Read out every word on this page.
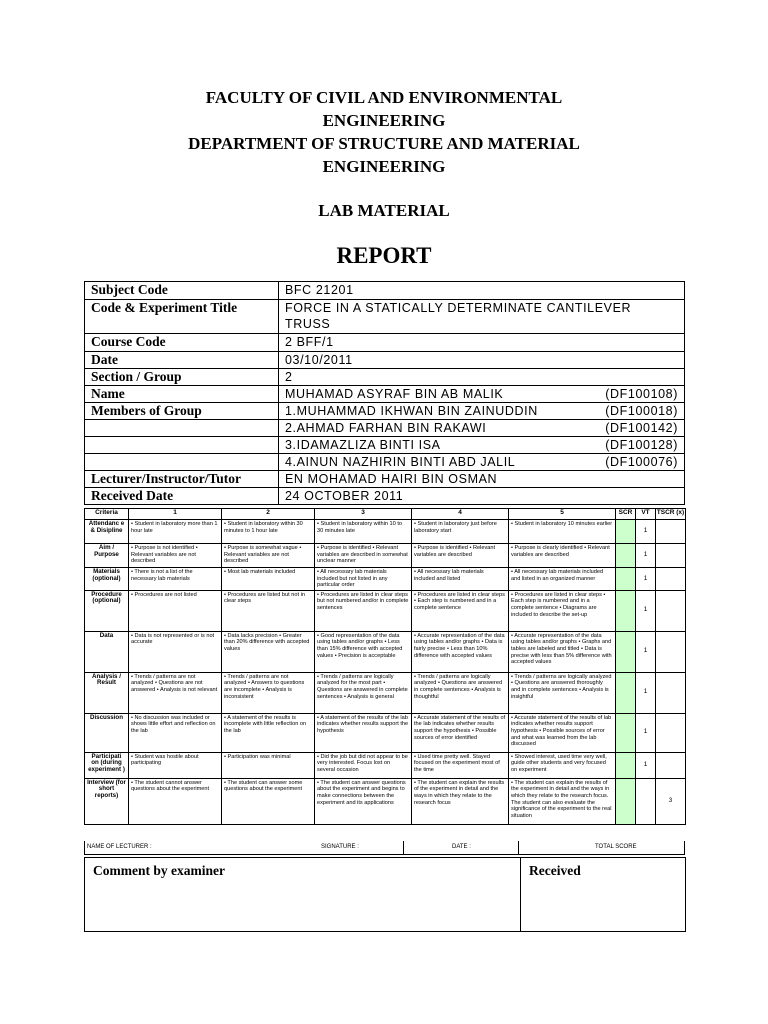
FACULTY OF CIVIL AND ENVIRONMENTAL

ENGINEERING

DEPARTMENT OF STRUCTURE AND MATERIAL

ENGINEERING

LAB MATERIAL

REPORT

Subject Code	BFC 21201
Code & Experiment Title	FORCE IN A STATICALLY DETERMINATE CANTILEVER
TRUSS

Course Code	2 BFF/1
Date	03/10/2011
Section / Group	2
Name	MUHAMAD ASYRAF BIN AB MALIK (DF100108)

Members of Group	1.MUHAMMAD IKHWAN BIN ZAINUDDIN (DF100018)

	2.AHMAD FARHAN BIN RAKAWI (DF100142)

	3.IDAMAZLIZA BINTI ISA (DF100128)

	4.AINUN NAZHIRIN BINTI ABD JALIL (DF100076)

Lecturer/Instructor/Tutor	EN MOHAMAD HAIRI BIN OSMAN
Received Date	24 OCTOBER 2011
Criteria	1	2	3	4	5	SCR	VT	TSCR (x)
Attendanc e & Disipline	• Student in laboratory more than 1 hour late	• Student in laboratory within 30 minutes to 1 hour late	• Student in laboratory within 10 to 30 minutes late	• Student in laboratory just before laboratory start	• Student in laboratory 10 minutes earlier		1	
Aim / Purpose	• Purpose is not identified • Relevant variables are not described	• Purpose is somewhat vague • Relevant variables are not described	• Purpose is identified • Relevant variables are described in somewhat unclear manner	• Purpose is identified • Relevant variables are described	• Purpose is clearly identified • Relevant variables are described		1	
Materials (optional)	• There is not a list of the necessary lab materials	• Most lab materials included	• All necessary lab materials included but not listed in any particular order	• All necessary lab materials included and listed	• All necessary lab materials included and listed in an organized manner		1	
Procedure (optional)	• Procedures are not listed	• Procedures are listed but not in clear steps	• Procedures are listed in clear steps but not numbered and/or in complete sentences	• Procedures are listed in clear steps • Each step is numbered and in a complete sentence	• Procedures are listed in clear steps • Each step is numbered and in a complete sentence • Diagrams are included to describe the set-up		1	
Data	• Data is not represented or is not accurate	• Data lacks precision • Greater than 20% difference with accepted values	• Good representation of the data using tables and/or graphs • Less than 15% difference with accepted values • Precision is acceptable	• Accurate representation of the data using tables and/or graphs • Data is fairly precise • Less than 10% difference with accepted values	• Accurate representation of the data using tables and/or graphs • Graphs and tables are labeled and titled • Data is precise with less than 5% difference with accepted values		1	
Analysis / Result	• Trends / patterns are not analyzed • Questions are not answered • Analysis is not relevant	• Trends / patterns are not analyzed • Answers to questions are incomplete • Analysis is inconsistent	• Trends / patterns are logically analyzed for the most part • Questions are answered in complete sentences • Analysis is general	• Trends / patterns are logically analyzed • Questions are answered in complete sentences • Analysis is thoughtful	• Trends / patterns are logically analyzed • Questions are answered thoroughly and in complete sentences • Analysis is insightful		1	
Discussion	• No discussion was included or shows little effort and reflection on the lab	• A statement of the results is incomplete with little reflection on the lab	• A statement of the results of the lab indicates whether results support the hypothesis	• Accurate statement of the results of the lab indicates whether results support the hypothesis • Possible sources of error identified	• Accurate statement of the results of lab indicates whether results support hypothesis • Possible sources of error and what was learned from the lab discussed		1	
Participati on (during experiment )	• Student was hostile about participating	• Participation was minimal	• Did the job but did not appear to be very interested. Focus lost on several occasion	• Used time pretty well. Stayed focused on the experiment most of the time	• Showed interest, used time very well, guide other students and very focused on experiment		1	
Interview (for short reports)	• The student cannot answer questions about the experiment	• The student can answer some questions about the experiment	• The student can answer questions about the experiment and begins to make connections between the experiment and its applications	• The student can explain the results of the experiment in detail and the ways in which they relate to the research focus	• The student can explain the results of the experiment in detail and the ways in which they relate to the research focus. The student can also evaluate the significance of the experiment to the real situation			3
NAME OF LECTURER :	SIGNATURE :	DATE :	TOTAL SCORE
Comment by examiner	Received
